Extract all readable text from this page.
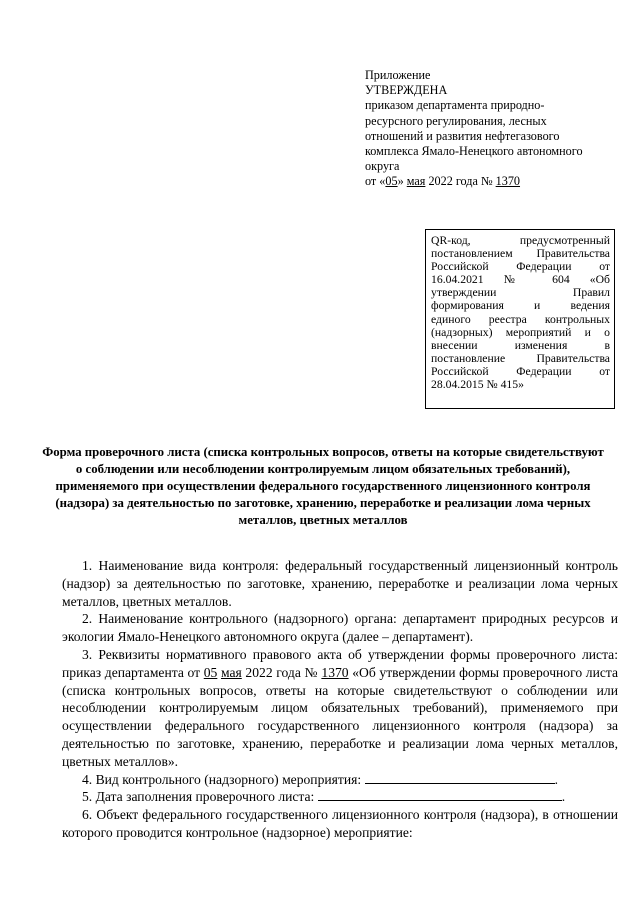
Приложение
УТВЕРЖДЕНА
приказом департамента природно-
ресурсного регулирования, лесных
отношений и развития нефтегазового
комплекса Ямало-Ненецкого автономного
округа
от «05» мая 2022 года № 1370
QR-код, предусмотренный
постановлением Правительства
Российской Федерации от
16.04.2021 № 604 «Об
утверждении Правил
формирования и ведения
единого реестра контрольных
(надзорных) мероприятий и о
внесении изменения в
постановление Правительства
Российской Федерации от
28.04.2015 № 415»
Форма проверочного листа (списка контрольных вопросов, ответы на которые свидетельствуют о соблюдении или несоблюдении контролируемым лицом обязательных требований), применяемого при осуществлении федерального государственного лицензионного контроля (надзора) за деятельностью по заготовке, хранению, переработке и реализации лома черных металлов, цветных металлов

1. Наименование вида контроля: федеральный государственный лицензионный контроль (надзор) за деятельностью по заготовке, хранению, переработке и реализации лома черных металлов, цветных металлов.

2. Наименование контрольного (надзорного) органа: департамент природных ресурсов и экологии Ямало-Ненецкого автономного округа (далее – департамент).

3. Реквизиты нормативного правового акта об утверждении формы проверочного листа: приказ департамента от 05 мая 2022 года № 1370 «Об утверждении формы проверочного листа (списка контрольных вопросов, ответы на которые свидетельствуют о соблюдении или несоблюдении контролируемым лицом обязательных требований), применяемого при осуществлении федерального государственного лицензионного контроля (надзора) за деятельностью по заготовке, хранению, переработке и реализации лома черных металлов, цветных металлов».

4. Вид контрольного (надзорного) мероприятия:	.

5. Дата заполнения проверочного листа:	.

6. Объект федерального государственного лицензионного контроля (надзора), в отношении которого проводится контрольное (надзорное) мероприятие:
